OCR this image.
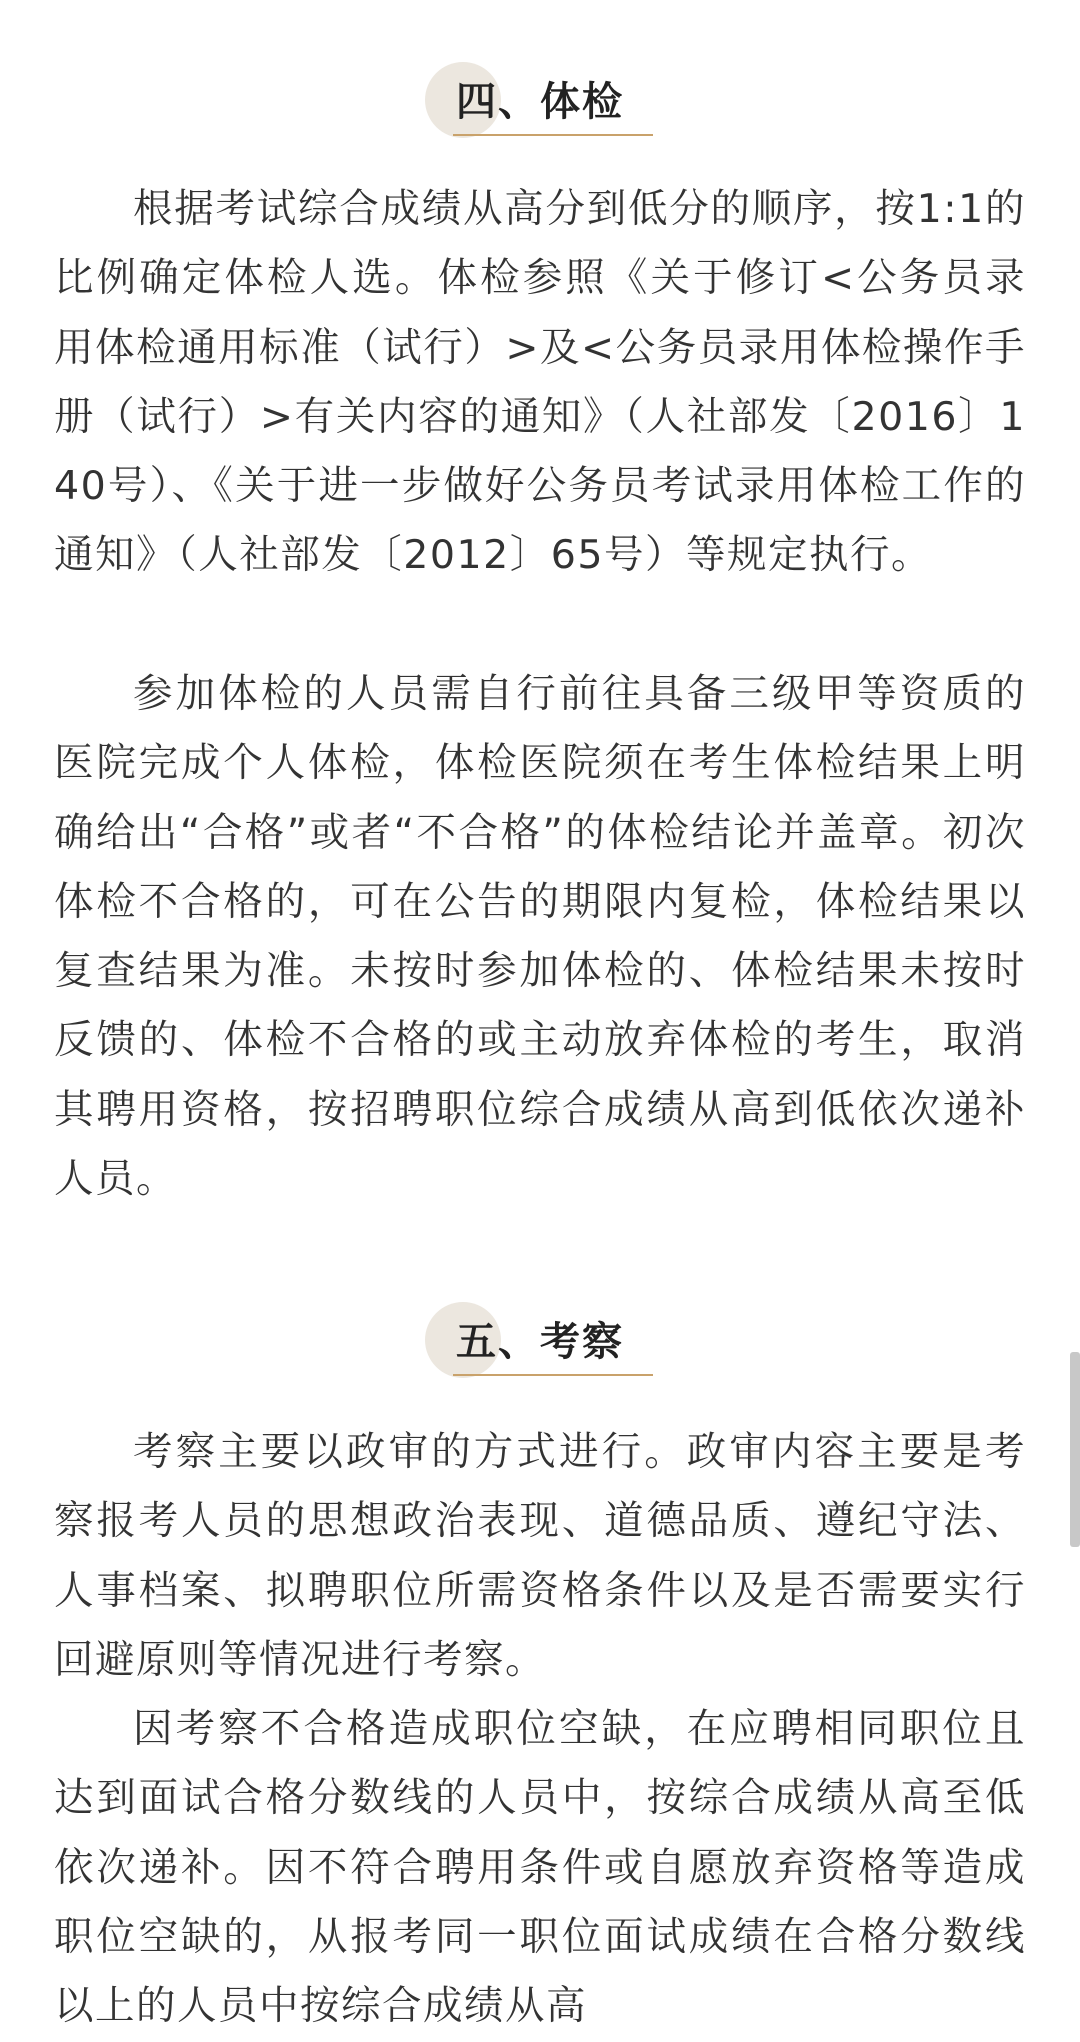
四、体检

根据考试综合成绩从高分到低分的顺序，按1:1的比例确定体检人选。体检参照《关于修订<公务员录用体检通用标准（试行）>及<公务员录用体检操作手册（试行）>有关内容的通知》（人社部发〔2016〕140号）、《关于进一步做好公务员考试录用体检工作的通知》（人社部发〔2012〕65号）等规定执行。

参加体检的人员需自行前往具备三级甲等资质的医院完成个人体检，体检医院须在考生体检结果上明确给出“合格”或者“不合格”的体检结论并盖章。初次体检不合格的，可在公告的期限内复检，体检结果以复查结果为准。未按时参加体检的、体检结果未按时反馈的、体检不合格的或主动放弃体检的考生，取消其聘用资格，按招聘职位综合成绩从高到低依次递补人员。

五、考察

考察主要以政审的方式进行。政审内容主要是考察报考人员的思想政治表现、道德品质、遵纪守法、人事档案、拟聘职位所需资格条件以及是否需要实行回避原则等情况进行考察。

因考察不合格造成职位空缺，在应聘相同职位且达到面试合格分数线的人员中，按综合成绩从高至低依次递补。因不符合聘用条件或自愿放弃资格等造成职位空缺的，从报考同一职位面试成绩在合格分数线以上的人员中按综合成绩从高
